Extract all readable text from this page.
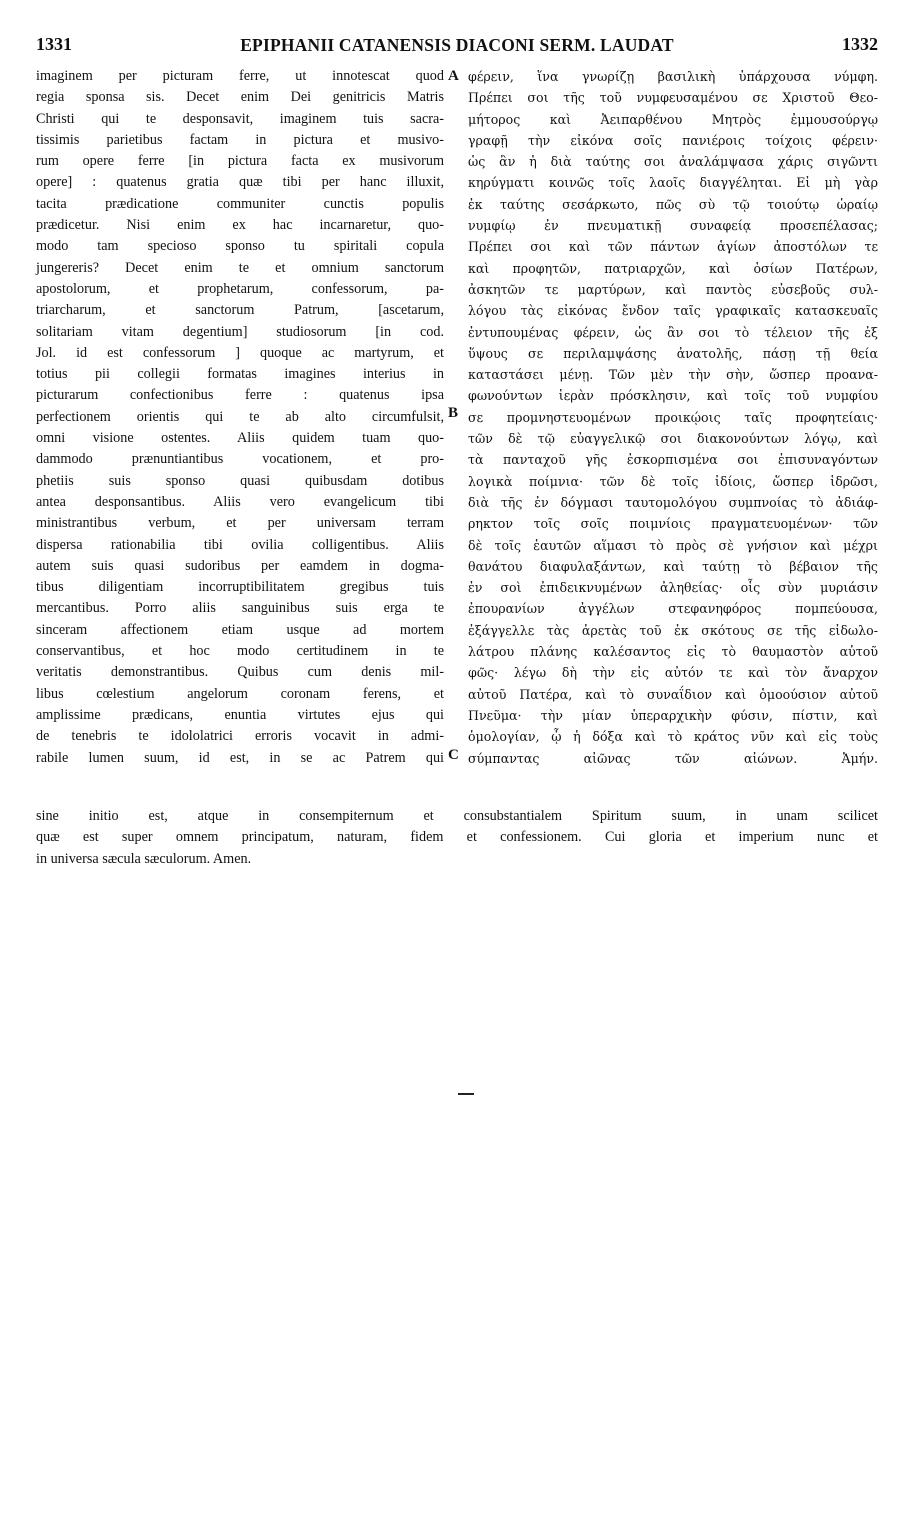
1331	EPIPHANII CATANENSIS DIACONI SERM. LAUDAT	1332
imaginem per picturam ferre, ut innotescat quod
regia sponsa sis. Decet enim Dei genitricis Matris
Christi qui te desponsavit, imaginem tuis sacra-
tissimis parietibus factam in pictura et musivo-
rum opere ferre [in pictura facta ex musivorum
opere] : quatenus gratia quæ tibi per hanc illuxit,
tacita prædicatione communiter cunctis populis
prædicetur. Nisi enim ex hac incarnaretur, quo-
modo tam specioso sponso tu spiritali copula
jungereris? Decet enim te et omnium sanctorum
apostolorum, et prophetarum, confessorum, pa-
triarcharum, et sanctorum Patrum, [ascetarum,
solitariam vitam degentium] studiosorum [in cod.
Jol. id est confessorum ] quoque ac martyrum, et
totius pii collegii formatas imagines interius in
picturarum confectionibus ferre : quatenus ipsa
perfectionem orientis qui te ab alto circumfulsit,
omni visione ostentes. Aliis quidem tuam quo-
dammodo prænuntiantibus vocationem, et pro-
phetiis suis sponso quasi quibusdam dotibus
antea desponsantibus. Aliis vero evangelicum tibi
ministrantibus verbum, et per universam terram
dispersa rationabilia tibi ovilia colligentibus. Aliis
autem suis quasi sudoribus per eamdem in dogma-
tibus diligentiam incorruptibilitatem gregibus tuis
mercantibus. Porro aliis sanguinibus suis erga te
sinceram affectionem etiam usque ad mortem
conservantibus, et hoc modo certitudinem in te
veritatis demonstrantibus. Quibus cum denis mil-
libus cœlestium angelorum coronam ferens, et
amplissime prædicans, enuntia virtutes ejus qui
de tenebris te idololatrici erroris vocavit in admi-
rabile lumen suum, id est, in se ac Patrem qui
φέρειν, ἵνα γνωρίζῃ βασιλικὴ ὑπάρχουσα νύμφη.
Πρέπει σοι τῆς τοῦ νυμφευσαμένου σε Χριστοῦ Θεο-
μήτορος καὶ Ἀειπαρθένου Μητρὸς ἐμμουσούργῳ
γραφῇ τὴν εἰκόνα σοῖς πανιέροις τοίχοις φέρειν·
ὡς ἂν ἡ διὰ ταύτης σοι ἀναλάμψασα χάρις σιγῶντι
κηρύγματι κοινῶς τοῖς λαοῖς διαγγέληται. Εἰ μὴ γὰρ
ἐκ ταύτης σεσάρκωτο, πῶς σὺ τῷ τοιούτῳ ὡραίῳ
νυμφίῳ ἐν πνευματικῇ συναφείᾳ προσεπέλασας;
Πρέπει σοι καὶ τῶν πάντων ἁγίων ἀποστόλων τε
καὶ προφητῶν, πατριαρχῶν, καὶ ὁσίων Πατέρων,
ἀσκητῶν τε μαρτύρων, καὶ παντὸς εὐσεβοῦς συλ-
λόγου τὰς εἰκόνας ἔνδον ταῖς γραφικαῖς κατασκευαῖς
ἐντυπουμένας φέρειν, ὡς ἂν σοι τὸ τέλειον τῆς ἐξ
ὕψους σε περιλαμψάσης ἀνατολῆς, πάσῃ τῇ θεία
καταστάσει μένῃ. Τῶν μὲν τὴν σὴν, ὥσπερ προανα-
φωνούντων ἱερὰν πρόσκλησιν, καὶ τοῖς τοῦ νυμφίου
σε προμνηστευομένων προικῴοις ταῖς προφητείαις·
τῶν δὲ τῷ εὐαγγελικῷ σοι διακονούντων λόγῳ, καὶ
τὰ πανταχοῦ γῆς ἐσκορπισμένα σοι ἐπισυναγόντων
λογικὰ ποίμνια· τῶν δὲ τοῖς ἰδίοις, ὥσπερ ἱδρῶσι,
διὰ τῆς ἐν δόγμασι ταυτομολόγου συμπνοίας τὸ ἀδιάφ-
ρηκτον τοῖς σοῖς ποιμνίοις πραγματευομένων· τῶν
δὲ τοῖς ἑαυτῶν αἵμασι τὸ πρὸς σὲ γνήσιον καὶ μέχρι
θανάτου διαφυλαξάντων, καὶ ταύτῃ τὸ βέβαιον τῆς
ἐν σοὶ ἐπιδεικνυμένων ἀληθείας· οἷς σὺν μυριάσιν
ἐπουρανίων ἀγγέλων στεφανηφόρος πομπεύουσα,
ἐξάγγελλε τὰς ἀρετὰς τοῦ ἐκ σκότους σε τῆς εἰδωλο-
λάτρου πλάνης καλέσαντος εἰς τὸ θαυμαστὸν αὐτοῦ
φῶς· λέγω δὴ τὴν εἰς αὐτόν τε καὶ τὸν ἄναρχον
αὐτοῦ Πατέρα, καὶ τὸ συναΐδιον καὶ ὁμοούσιον αὐτοῦ
Πνεῦμα· τὴν μίαν ὑπεραρχικὴν φύσιν, πίστιν, καὶ
ὁμολογίαν, ᾧ ἡ δόξα καὶ τὸ κράτος νῦν καὶ εἰς τοὺς
σύμπαντας αἰῶνας τῶν αἰώνων. Ἀμήν.
A
B
C
sine initio est, atque in consempiternum et consubstantialem Spiritum suum, in unam scilicet
quæ est super omnem principatum, naturam, fidem et confessionem. Cui gloria et imperium nunc et
in universa sæcula sæculorum. Amen.
